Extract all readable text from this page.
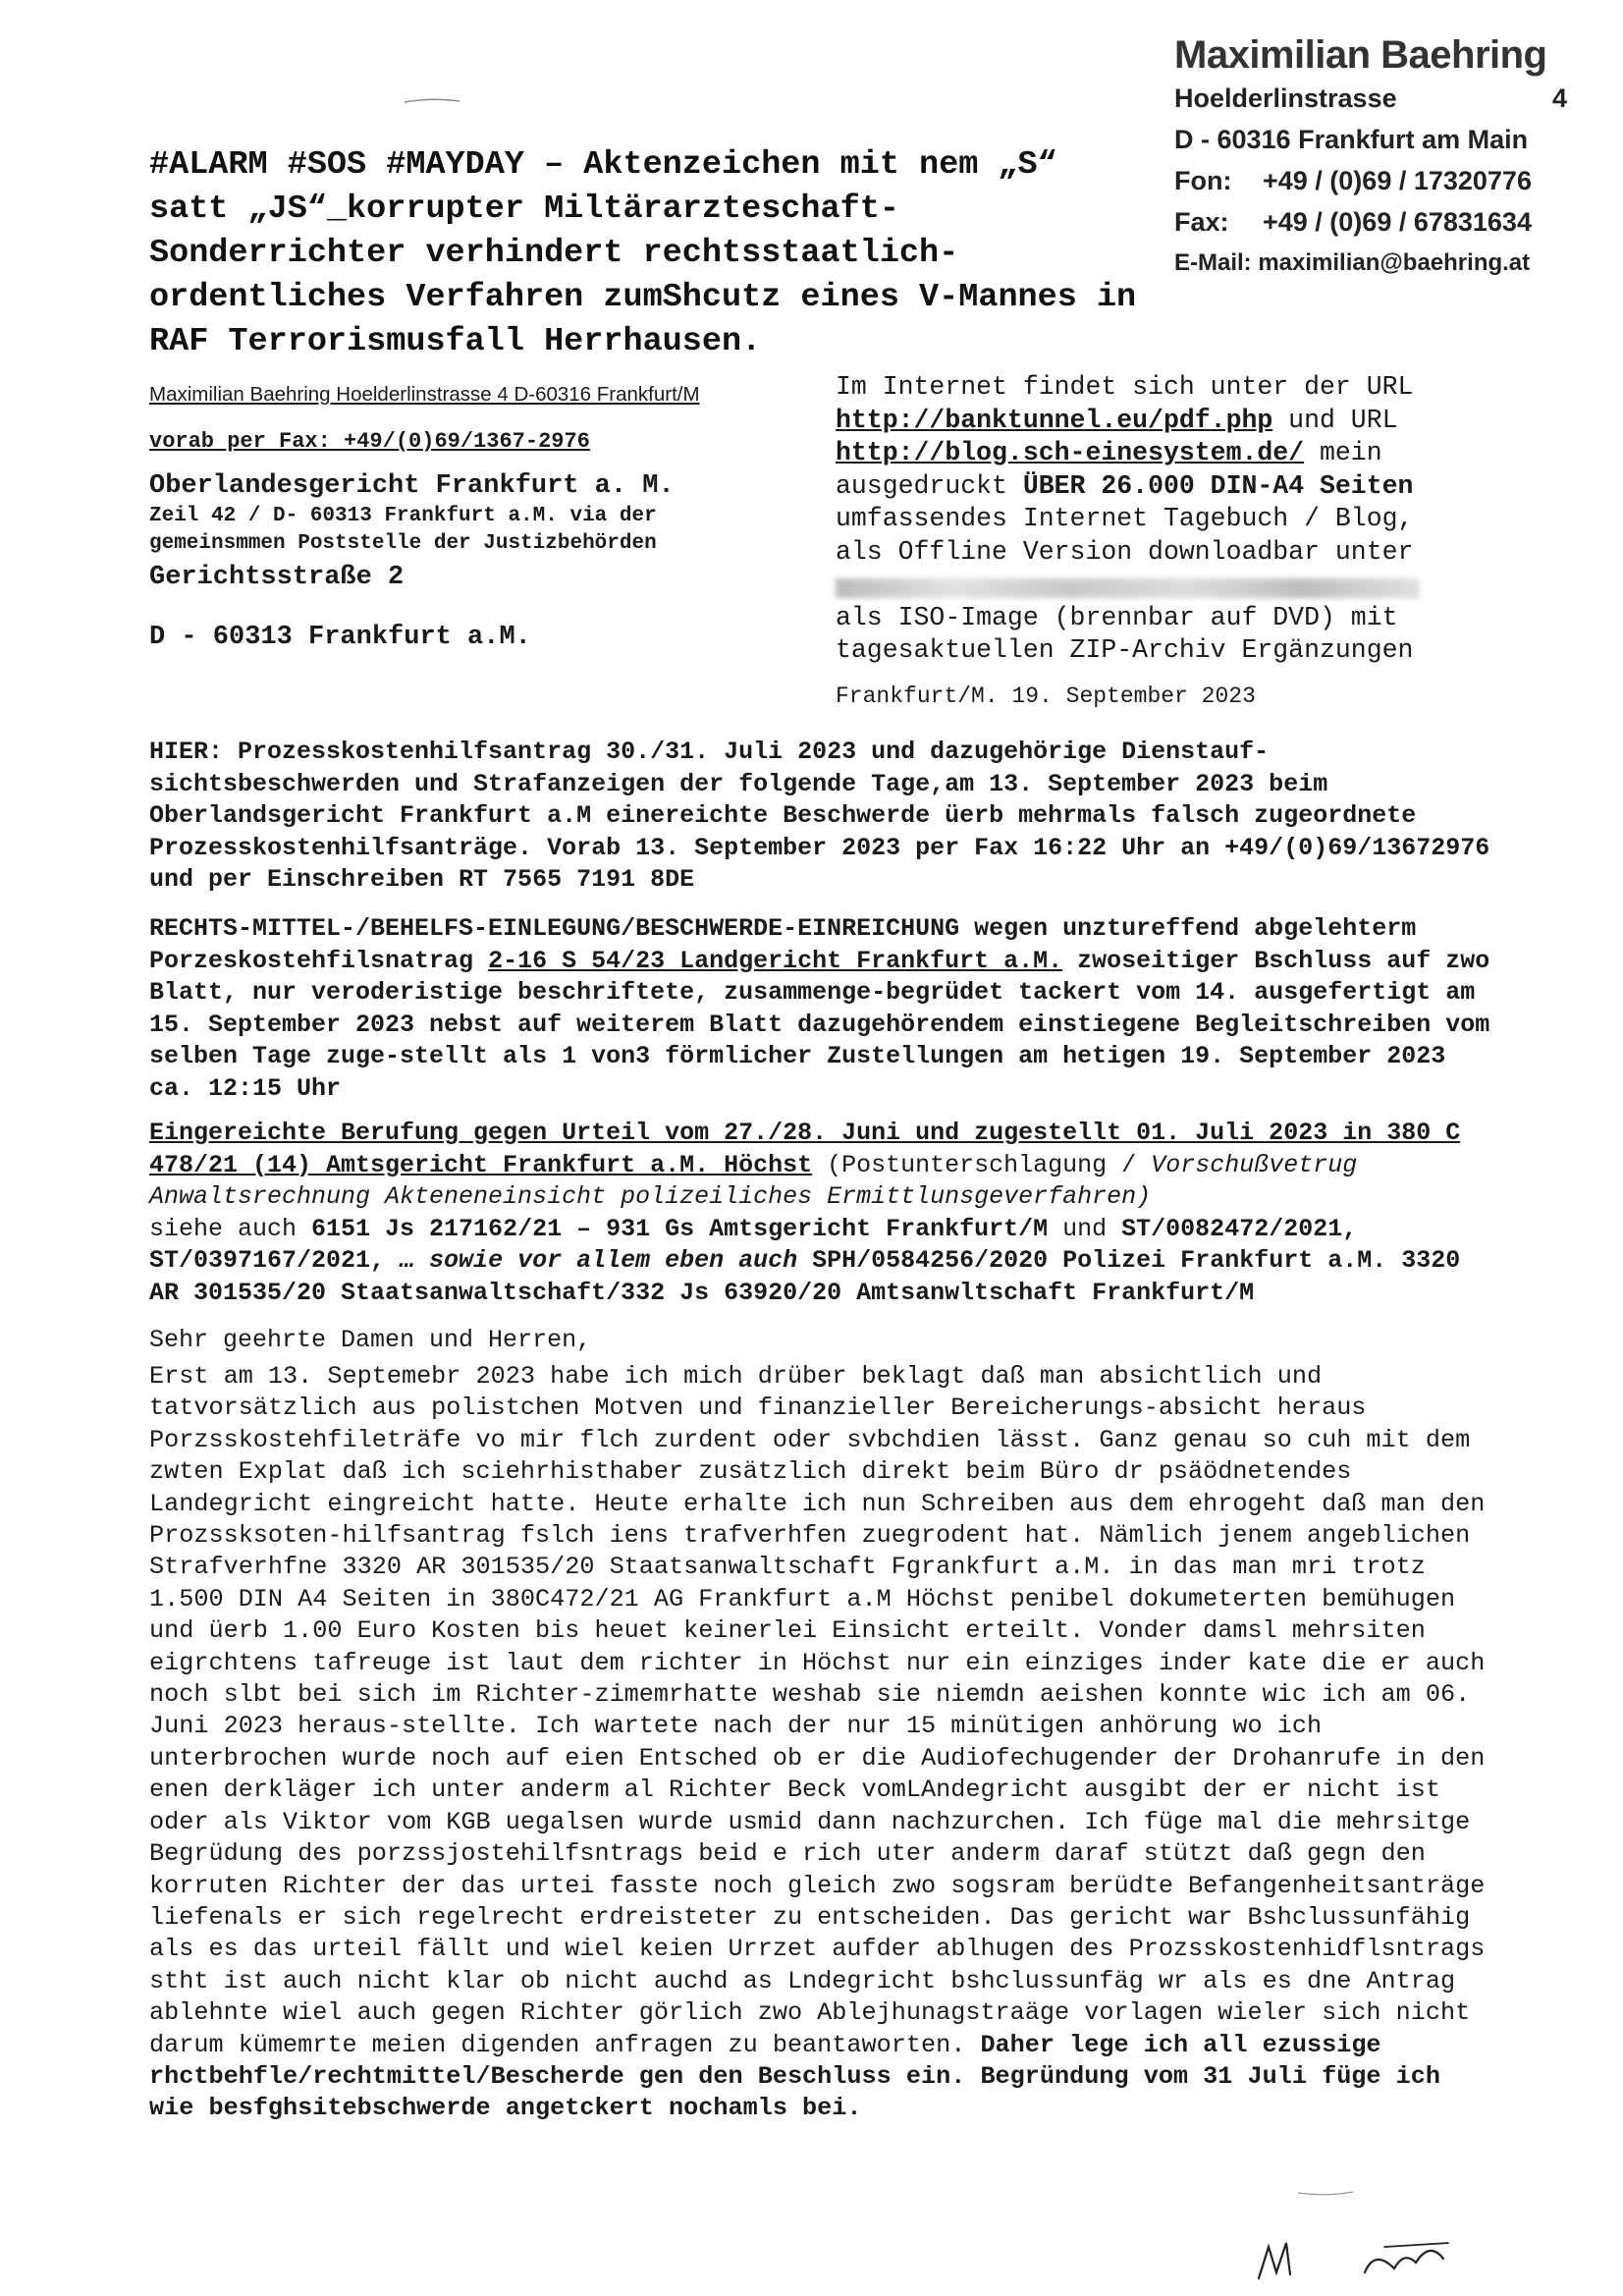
Maximilian Baehring
Hoelderlinstrasse	4
D - 60316 Frankfurt am Main
Fon:	+49 / (0)69 / 17320776
Fax:	+49 / (0)69 / 67831634
E-Mail: maximilian@baehring.at
#ALARM #SOS #MAYDAY – Aktenzeichen mit nem „S“ satt „JS“_korrupter Miltärarzteschaft-Sonderrichter verhindert rechtsstaatlich-ordentliches Verfahren zumShcutz eines V-Mannes in RAF Terrorismusfall Herrhausen.
Maximilian Baehring Hoelderlinstrasse 4 D-60316 Frankfurt/M
vorab per Fax: +49/(0)69/1367-2976
Oberlandesgericht Frankfurt a. M.
Zeil 42 / D- 60313 Frankfurt a.M. via der
gemeinsmmen Poststelle der Justizbehörden
Gerichtsstraße 2
D - 60313 Frankfurt a.M.
Im Internet findet sich unter der URL
http://banktunnel.eu/pdf.php und URL
http://blog.sch-einesystem.de/ mein
ausgedruckt ÜBER 26.000 DIN-A4 Seiten
umfassendes Internet Tagebuch / Blog,
als Offline Version downloadbar unter
als ISO-Image (brennbar auf DVD) mit
tagesaktuellen ZIP-Archiv Ergänzungen
Frankfurt/M. 19. September 2023
HIER: Prozesskostenhilfsantrag 30./31. Juli 2023 und dazugehörige Dienstauf-sichtsbeschwerden und Strafanzeigen der folgende Tage,am 13. September 2023 beim Oberlandsgericht Frankfurt a.M einereichte Beschwerde üerb mehrmals falsch zugeordnete Prozesskostenhilfsanträge. Vorab 13. September 2023 per Fax 16:22 Uhr an +49/(0)69/13672976 und per Einschreiben RT 7565 7191 8DE
RECHTS-MITTEL-/BEHELFS-EINLEGUNG/BESCHWERDE-EINREICHUNG wegen unztureffend abgelehterm Porzeskostehfilsnatrag 2-16 S 54/23 Landgericht Frankfurt a.M. zwoseitiger Bschluss auf zwo Blatt, nur veroderistige beschriftete, zusammenge-begrüdet tackert vom 14. ausgefertigt am 15. September 2023 nebst auf weiterem Blatt dazugehörendem einstiegene Begleitschreiben vom selben Tage zuge-stellt als 1 von3 förmlicher Zustellungen am hetigen 19. September 2023 ca. 12:15 Uhr
Eingereichte Berufung gegen Urteil vom 27./28. Juni und zugestellt 01. Juli 2023 in 380 C 478/21 (14) Amtsgericht Frankfurt a.M. Höchst (Postunterschlagung / Vorschußvetrug Anwaltsrechnung Akteneneinsicht polizeiliches Ermittlunsgeverfahren)
siehe auch 6151 Js 217162/21 – 931 Gs Amtsgericht Frankfurt/M und ST/0082472/2021, ST/0397167/2021, … sowie vor allem eben auch SPH/0584256/2020 Polizei Frankfurt a.M. 3320 AR 301535/20 Staatsanwaltschaft/332 Js 63920/20 Amtsanwltschaft Frankfurt/M
Sehr geehrte Damen und Herren,
Erst am 13. Septemebr 2023 habe ich mich drüber beklagt daß man absichtlich und tatvorsätzlich aus polistchen Motven und finanzieller Bereicherungs-absicht heraus Porzsskostehfileträfe vo mir flch zurdent oder svbchdien lässt. Ganz genau so cuh mit dem zwten Explat daß ich sciehrhisthaber zusätzlich direkt beim Büro dr psäödnetendes Landegricht eingreicht hatte. Heute erhalte ich nun Schreiben aus dem ehrogeht daß man den Prozssksoten-hilfsantrag fslch iens trafverhfen zuegrodent hat. Nämlich jenem angeblichen Strafverhfne 3320 AR 301535/20 Staatsanwaltschaft Fgrankfurt a.M. in das man mri trotz 1.500 DIN A4 Seiten in 380C472/21 AG Frankfurt a.M Höchst penibel dokumeterten bemühugen und üerb 1.00 Euro Kosten bis heuet keinerlei Einsicht erteilt. Vonder damsl mehrsiten eigrchtens tafreuge ist laut dem richter in Höchst nur ein einziges inder kate die er auch noch slbt bei sich im Richter-zimemrhatte weshab sie niemdn aeishen konnte wic ich am 06. Juni 2023 heraus-stellte. Ich wartete nach der nur 15 minütigen anhörung wo ich unterbrochen wurde noch auf eien Entsched ob er die Audiofechugender der Drohanrufe in den enen derkläger ich unter anderm al Richter Beck vomLAndegricht ausgibt der er nicht ist oder als Viktor vom KGB uegalsen wurde usmid dann nachzurchen. Ich füge mal die mehrsitge Begrüdung des porzssjostehilfsntrags beid e rich uter anderm daraf stützt daß gegn den korruten Richter der das urtei fasste noch gleich zwo sogsram berüdte Befangenheitsanträge liefenals er sich regelrecht erdreisteter zu entscheiden. Das gericht war Bshclussunfähig als es das urteil fällt und wiel keien Urrzet aufder ablhugen des Prozsskostenhidflsntrags stht ist auch nicht klar ob nicht auchd as Lndegricht bshclussunfäg wr als es dne Antrag ablehnte wiel auch gegen Richter görlich zwo Ablejhunagstraäge vorlagen wieler sich nicht darum kümemrte meien digenden anfragen zu beantaworten. Daher lege ich all ezussige rhctbehfle/rechtmittel/Bescherde gen den Beschluss ein. Begründung vom 31 Juli füge ich wie besfghsitebschwerde angetckert nochamls bei.
